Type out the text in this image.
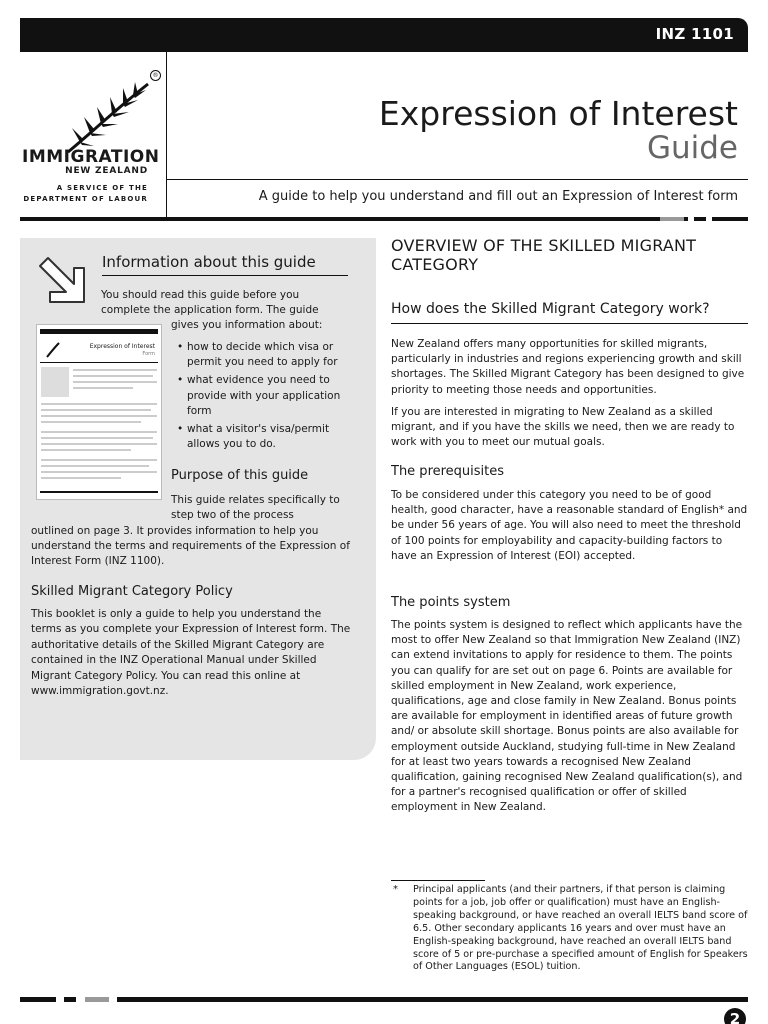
INZ 1101
®
IMMIGRATION
NEW ZEALAND
A SERVICE OF THE
DEPARTMENT OF LABOUR
Expression of Interest
Guide
A guide to help you understand and fill out an Expression of Interest form
Information about this guide
You should read this guide before you complete the application form. The guide
gives you information about:
Expression of Interest
Form
• how to decide which visa or permit you need to apply for
• what evidence you need to provide with your application form
• what a visitor's visa/permit allows you to do.
Purpose of this guide
This guide relates specifically to step two of the process
outlined on page 3. It provides information to help you understand the terms and requirements of the Expression of Interest Form (INZ 1100).
Skilled Migrant Category Policy
This booklet is only a guide to help you understand the terms as you complete your Expression of Interest form. The authoritative details of the Skilled Migrant Category are contained in the INZ Operational Manual under Skilled Migrant Category Policy. You can read this online at www.immigration.govt.nz.
OVERVIEW OF THE SKILLED MIGRANT CATEGORY
How does the Skilled Migrant Category work?
New Zealand offers many opportunities for skilled migrants, particularly in industries and regions experiencing growth and skill shortages. The Skilled Migrant Category has been designed to give priority to meeting those needs and opportunities.
If you are interested in migrating to New Zealand as a skilled migrant, and if you have the skills we need, then we are ready to work with you to meet our mutual goals.
The prerequisites
To be considered under this category you need to be of good health, good character, have a reasonable standard of English* and be under 56 years of age. You will also need to meet the threshold of 100 points for employability and capacity-building factors to have an Expression of Interest (EOI) accepted.
The points system
The points system is designed to reflect which applicants have the most to offer New Zealand so that Immigration New Zealand (INZ) can extend invitations to apply for residence to them. The points you can qualify for are set out on page 6. Points are available for skilled employment in New Zealand, work experience, qualifications, age and close family in New Zealand. Bonus points are available for employment in identified areas of future growth and/ or absolute skill shortage. Bonus points are also available for employment outside Auckland, studying full-time in New Zealand for at least two years towards a recognised New Zealand qualification, gaining recognised New Zealand qualification(s), and for a partner's recognised qualification or offer of skilled employment in New Zealand.
* Principal applicants (and their partners, if that person is claiming points for a job, job offer or qualification) must have an English-speaking background, or have reached an overall IELTS band score of 6.5. Other secondary applicants 16 years and over must have an English-speaking background, have reached an overall IELTS band score of 5 or pre-purchase a specified amount of English for Speakers of Other Languages (ESOL) tuition.
2
